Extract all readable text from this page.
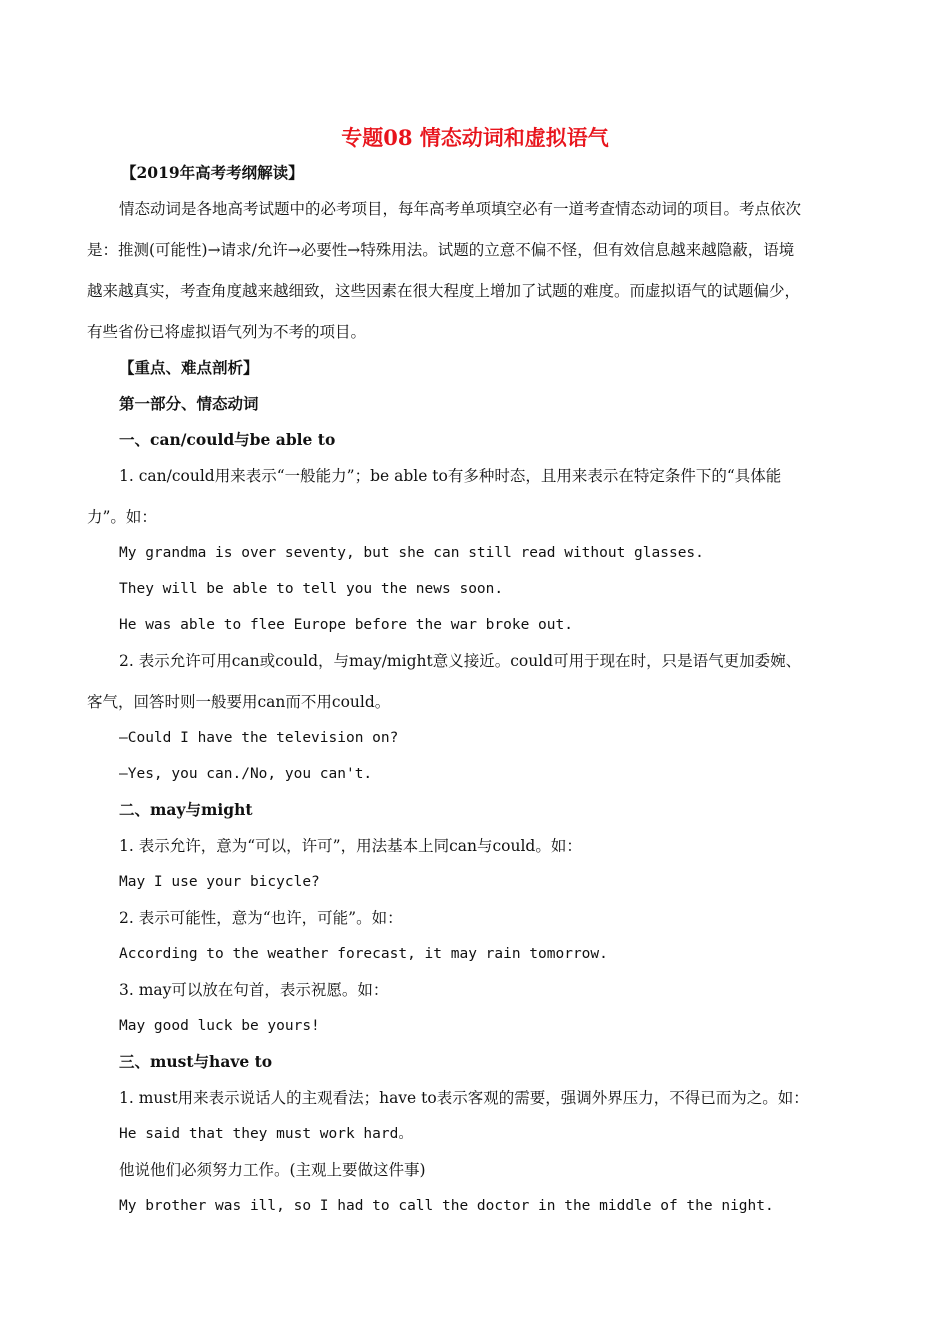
专题08 情态动词和虚拟语气
【2019年高考考纲解读】
情态动词是各地高考试题中的必考项目，每年高考单项填空必有一道考查情态动词的项目。考点依次
是：推测(可能性)→请求/允许→必要性→特殊用法。试题的立意不偏不怪，但有效信息越来越隐蔽，语境
越来越真实，考查角度越来越细致，这些因素在很大程度上增加了试题的难度。而虚拟语气的试题偏少，
有些省份已将虚拟语气列为不考的项目。
【重点、难点剖析】
第一部分、情态动词
一、can/could与be able to
1. can/could用来表示“一般能力”；be able to有多种时态，且用来表示在特定条件下的“具体能
力”。如：
My grandma is over seventy, but she can still read without glasses.
They will be able to tell you the news soon.
He was able to flee Europe before the war broke out.
2. 表示允许可用can或could，与may/might意义接近。could可用于现在时，只是语气更加委婉、
客气，回答时则一般要用can而不用could。
—Could I have the television on?
—Yes, you can./No, you can't.
二、may与might
1. 表示允许，意为“可以，许可”，用法基本上同can与could。如：
May I use your bicycle?
2. 表示可能性，意为“也许，可能”。如：
According to the weather forecast, it may rain tomorrow.
3. may可以放在句首，表示祝愿。如：
May good luck be yours!
三、must与have to
1. must用来表示说话人的主观看法；have to表示客观的需要，强调外界压力，不得已而为之。如：
He said that they must work hard。
他说他们必须努力工作。(主观上要做这件事)
My brother was ill, so I had to call the doctor in the middle of the night.
